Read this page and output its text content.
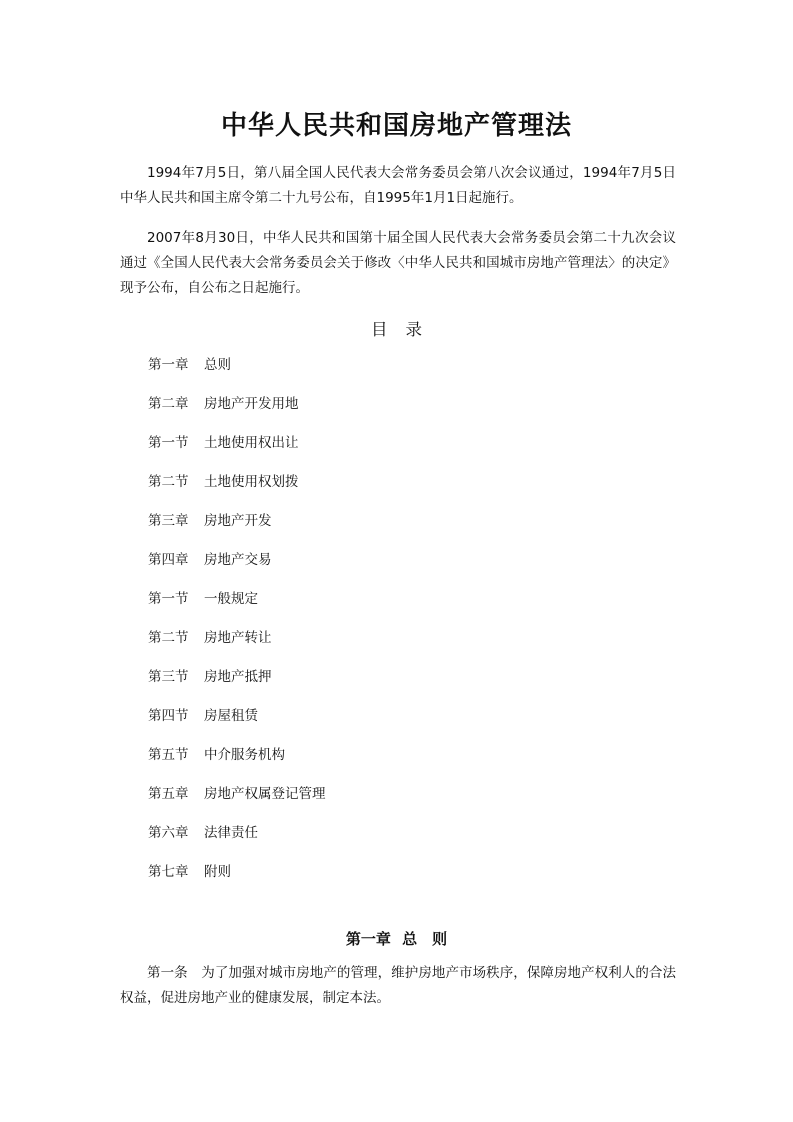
中华人民共和国房地产管理法

1994年7月5日，第八届全国人民代表大会常务委员会第八次会议通过，1994年7月5日中华人民共和国主席令第二十九号公布，自1995年1月1日起施行。

2007年8月30日，中华人民共和国第十届全国人民代表大会常务委员会第二十九次会议通过《全国人民代表大会常务委员会关于修改〈中华人民共和国城市房地产管理法〉的决定》现予公布，自公布之日起施行。

目录
第一章 总则
第二章 房地产开发用地
第一节 土地使用权出让
第二节 土地使用权划拨
第三章 房地产开发
第四章 房地产交易
第一节 一般规定
第二节 房地产转让
第三节 房地产抵押
第四节 房屋租赁
第五节 中介服务机构
第五章 房地产权属登记管理
第六章 法律责任
第七章 附则
第一章 总　则

第一条　为了加强对城市房地产的管理，维护房地产市场秩序，保障房地产权利人的合法权益，促进房地产业的健康发展，制定本法。
